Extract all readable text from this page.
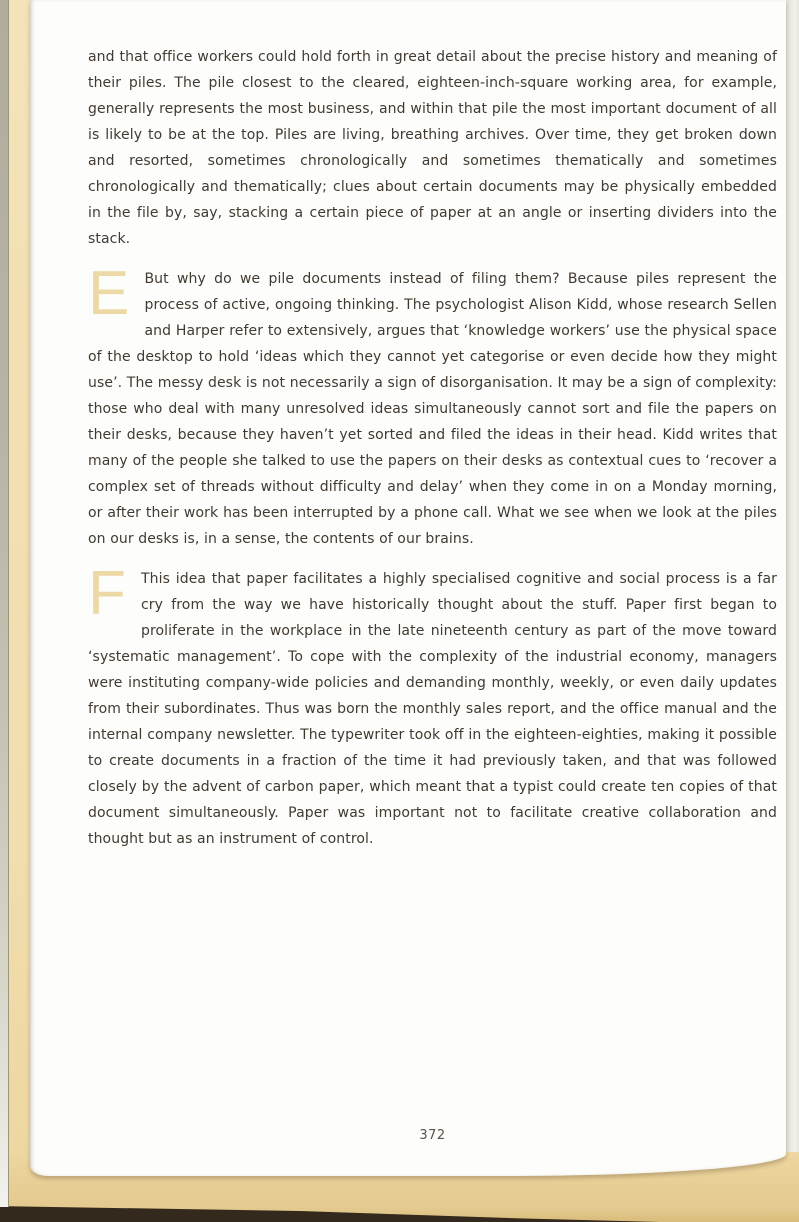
and that office workers could hold forth in great detail about the precise history and meaning of their piles. The pile closest to the cleared, eighteen-inch-square working area, for example, generally represents the most business, and within that pile the most important document of all is likely to be at the top. Piles are living, breathing archives. Over time, they get broken down and resorted, sometimes chronologically and sometimes thematically and sometimes chronologically and thematically; clues about certain documents may be physically embedded in the file by, say, stacking a certain piece of paper at an angle or inserting dividers into the stack.

E But why do we pile documents instead of filing them? Because piles represent the process of active, ongoing thinking. The psychologist Alison Kidd, whose research Sellen and Harper refer to extensively, argues that ‘knowledge workers’ use the physical space of the desktop to hold ‘ideas which they cannot yet categorise or even decide how they might use’. The messy desk is not necessarily a sign of disorganisation. It may be a sign of complexity: those who deal with many unresolved ideas simultaneously cannot sort and file the papers on their desks, because they haven’t yet sorted and filed the ideas in their head. Kidd writes that many of the people she talked to use the papers on their desks as contextual cues to ‘recover a complex set of threads without difficulty and delay’ when they come in on a Monday morning, or after their work has been interrupted by a phone call. What we see when we look at the piles on our desks is, in a sense, the contents of our brains.

F This idea that paper facilitates a highly specialised cognitive and social process is a far cry from the way we have historically thought about the stuff. Paper first began to proliferate in the workplace in the late nineteenth century as part of the move toward ‘systematic management’. To cope with the complexity of the industrial economy, managers were instituting company-wide policies and demanding monthly, weekly, or even daily updates from their subordinates. Thus was born the monthly sales report, and the office manual and the internal company newsletter. The typewriter took off in the eighteen-eighties, making it possible to create documents in a fraction of the time it had previously taken, and that was followed closely by the advent of carbon paper, which meant that a typist could create ten copies of that document simultaneously. Paper was important not to facilitate creative collaboration and thought but as an instrument of control.

372
